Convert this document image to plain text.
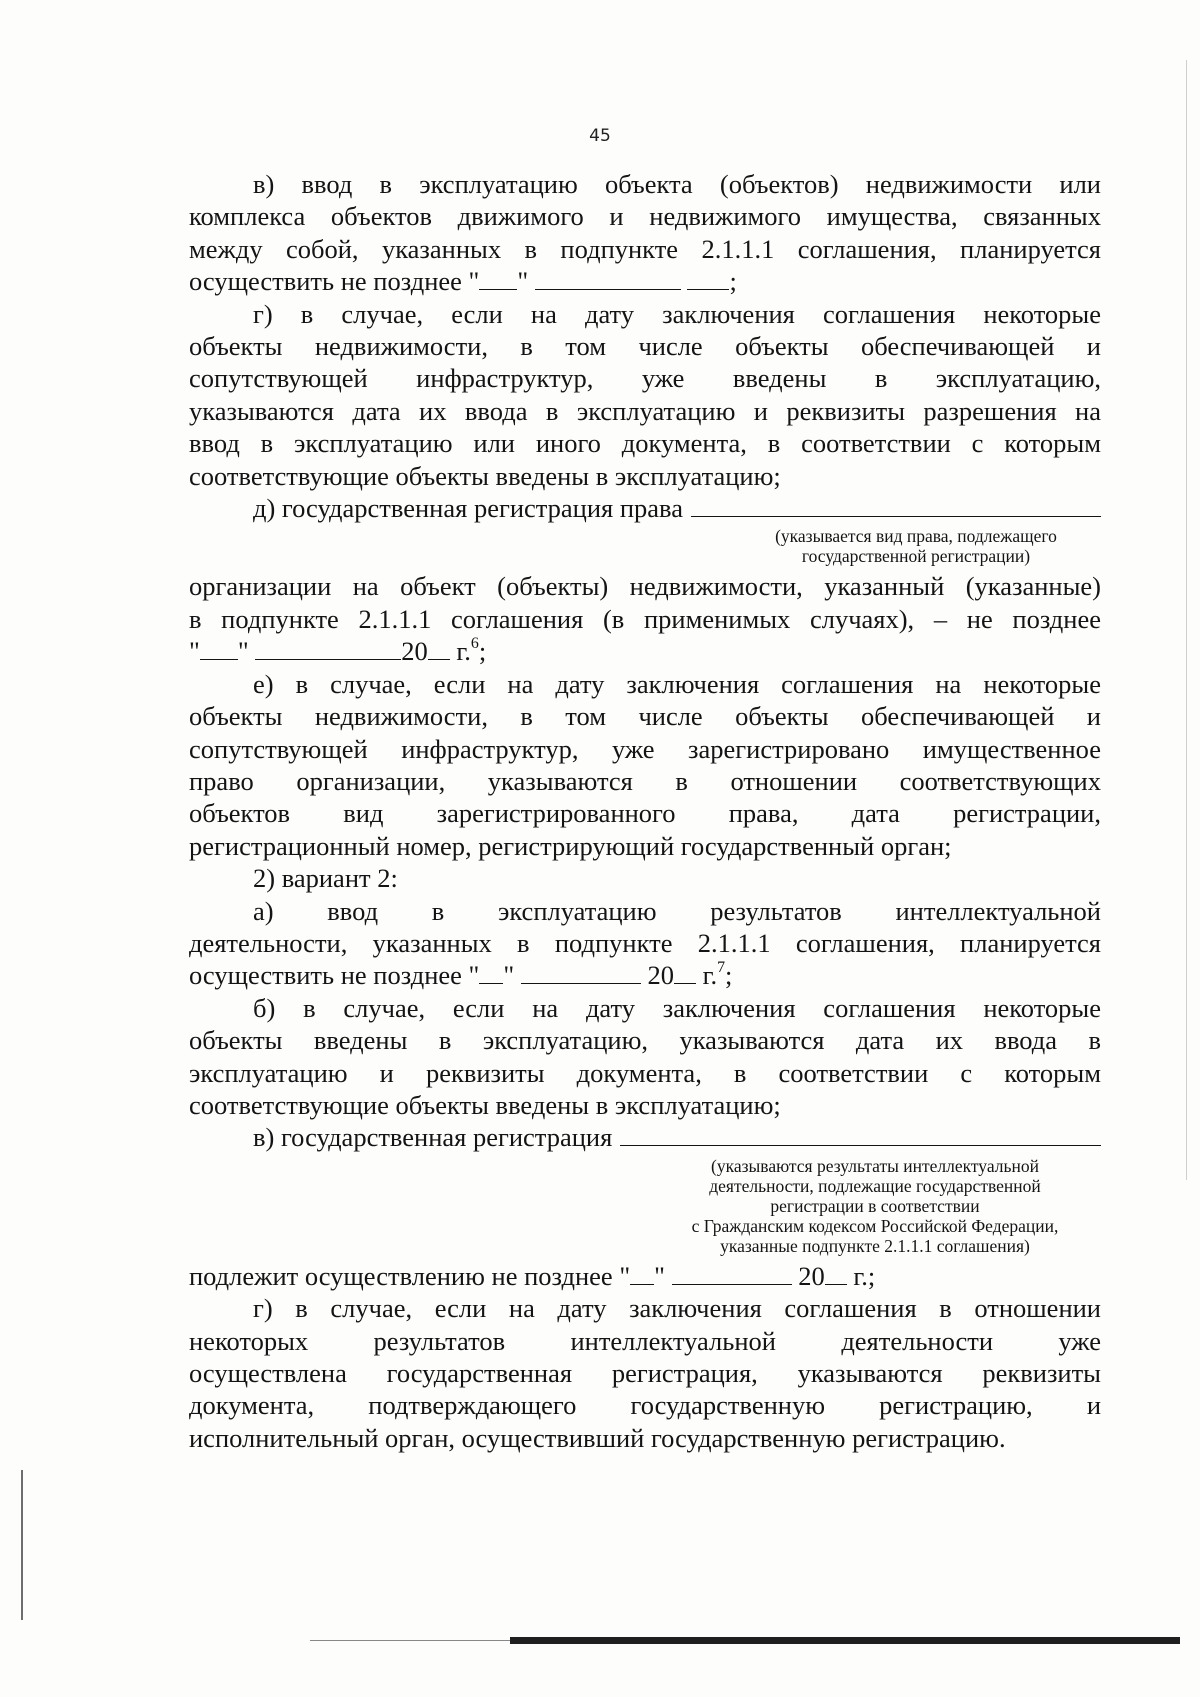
45
в) ввод в эксплуатацию объекта (объектов) недвижимости или
комплекса объектов движимого и недвижимого имущества, связанных
между собой, указанных в подпункте 2.1.1.1 соглашения, планируется
осуществить не позднее " "	;
г) в случае, если на дату заключения соглашения некоторые
объекты недвижимости, в том числе объекты обеспечивающей и
сопутствующей инфраструктур, уже введены в эксплуатацию,
указываются дата их ввода в эксплуатацию и реквизиты разрешения на
ввод в эксплуатацию или иного документа, в соответствии с которым
соответствующие объекты введены в эксплуатацию;
д) государственная регистрация права
(указывается вид права, подлежащего
государственной регистрации)
организации на объект (объекты) недвижимости, указанный (указанные)
в подпункте 2.1.1.1 соглашения (в применимых случаях), – не позднее
" "	20 г.$^6$;
е) в случае, если на дату заключения соглашения на некоторые
объекты недвижимости, в том числе объекты обеспечивающей и
сопутствующей инфраструктур, уже зарегистрировано имущественное
право организации, указываются в отношении соответствующих
объектов вид зарегистрированного права, дата регистрации,
регистрационный номер, регистрирующий государственный орган;
2) вариант 2:
а) ввод в эксплуатацию результатов интеллектуальной
деятельности, указанных в подпункте 2.1.1.1 соглашения, планируется
осуществить не позднее " "	20 г.$^7$;
б) в случае, если на дату заключения соглашения некоторые
объекты введены в эксплуатацию, указываются дата их ввода в
эксплуатацию и реквизиты документа, в соответствии с которым
соответствующие объекты введены в эксплуатацию;
в) государственная регистрация
(указываются результаты интеллектуальной
деятельности, подлежащие государственной
регистрации в соответствии
с Гражданским кодексом Российской Федерации,
указанные подпункте 2.1.1.1 соглашения)
подлежит осуществлению не позднее " "	20 г.;
г) в случае, если на дату заключения соглашения в отношении
некоторых результатов интеллектуальной деятельности уже
осуществлена государственная регистрация, указываются реквизиты
документа, подтверждающего государственную регистрацию, и
исполнительный орган, осуществивший государственную регистрацию.
